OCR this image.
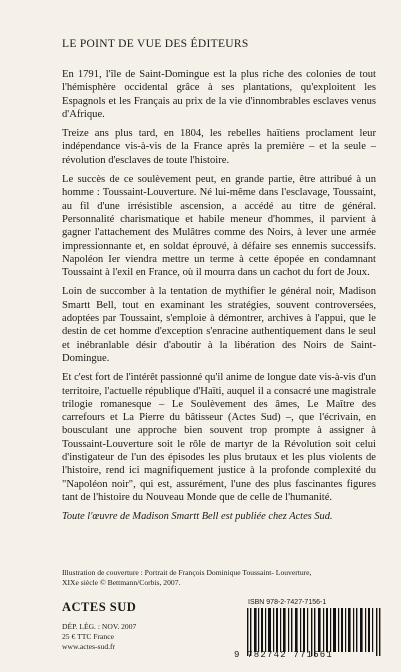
LE POINT DE VUE DES ÉDITEURS

En 1791, l'île de Saint-Domingue est la plus riche des colonies de tout l'hémisphère occidental grâce à ses plantations, qu'exploitent les Espagnols et les Français au prix de la vie d'innombrables esclaves venus d'Afrique.

Treize ans plus tard, en 1804, les rebelles haïtiens proclament leur indépendance vis-à-vis de la France après la première – et la seule – révolution d'esclaves de toute l'histoire.

Le succès de ce soulèvement peut, en grande partie, être attribué à un homme : Toussaint-Louverture. Né lui-même dans l'esclavage, Toussaint, au fil d'une irrésistible ascension, a accédé au titre de général. Personnalité charismatique et habile meneur d'hommes, il parvient à gagner l'attachement des Mulâtres comme des Noirs, à lever une armée impressionnante et, en soldat éprouvé, à défaire ses ennemis successifs. Napoléon Ier viendra mettre un terme à cette épopée en condamnant Toussaint à l'exil en France, où il mourra dans un cachot du fort de Joux.

Loin de succomber à la tentation de mythifier le général noir, Madison Smartt Bell, tout en examinant les stratégies, souvent controversées, adoptées par Toussaint, s'emploie à démontrer, archives à l'appui, que le destin de cet homme d'exception s'enracine authentiquement dans le seul et inébranlable désir d'aboutir à la libération des Noirs de Saint-Domingue.

Et c'est fort de l'intérêt passionné qu'il anime de longue date vis-à-vis d'un territoire, l'actuelle république d'Haïti, auquel il a consacré une magistrale trilogie romanesque – Le Soulèvement des âmes, Le Maître des carrefours et La Pierre du bâtisseur (Actes Sud) –, que l'écrivain, en bousculant une approche bien souvent trop prompte à assigner à Toussaint-Louverture soit le rôle de martyr de la Révolution soit celui d'instigateur de l'un des épisodes les plus brutaux et les plus violents de l'histoire, rend ici magnifiquement justice à la profonde complexité du "Napoléon noir", qui est, assurément, l'une des plus fascinantes figures tant de l'histoire du Nouveau Monde que de celle de l'humanité.

Toute l'œuvre de Madison Smartt Bell est publiée chez Actes Sud.
Illustration de couverture : Portrait de François Dominique Toussaint- Louverture,
XIXe siècle © Bettmann/Corbis, 2007.
ACTES SUD
DÉP. LÉG. : NOV. 2007
25 € TTC France
www.actes-sud.fr
ISBN 978-2-7427-7156-1
9 782742 771561
